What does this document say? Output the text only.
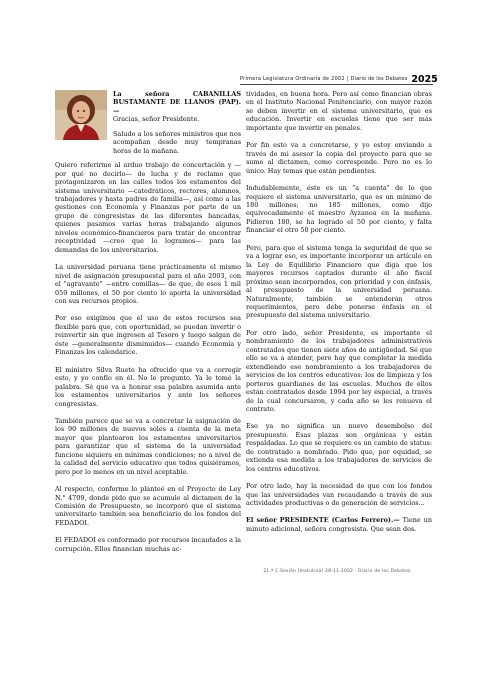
Primera Legislatura Ordinaria de 2002 | Diario de los Debates 2025

La señora CABANILLAS BUSTAMANTE DE LLANOS (PAP).—
Gracias, señor Presidente.

Saludo a los señores ministros que nos acompañan desde muy tempranas horas de la mañana.

Quiero referirme al arduo trabajo de concertación y —por qué no decirlo— de lucha y de reclamo que protagonizaron en las calles todos los estamentos del sistema universitario —catedráticos, rectores, alumnos, trabajadores y hasta padres de familia—, así como a las gestiones con Economía y Finanzas por parte de un grupo de congresistas de las diferentes bancadas, quienes pasamos varias horas trabajando algunos niveles económico-financieros para tratar de encontrar receptividad —creo que lo logramos— para las demandas de los universitarios.

La universidad peruana tiene prácticamente el mismo nivel de asignación presupuestal para el año 2003, con el "agravante" —entre comillas— de que, de esos 1 mil 059 millones, el 50 por ciento lo aporta la universidad con sus recursos propios.

Por eso exigimos que el uso de estos recursos sea flexible para que, con oportunidad, se puedan invertir o reinvertir sin que ingresen al Tesoro y luego salgan de éste —generalmente disminuidos— cuando Economía y Finanzas los calendarice.

El ministro Silva Ruete ha ofrecido que va a corregir esto, y yo confío en él. No le pregunto. Ya le tomé la palabra. Sé que va a honrar esa palabra asumida ante los estamentos universitarios y ante los señores congresistas.

También parece que se va a concretar la asignación de los 90 millones de nuevos soles a cuenta de la meta mayor que plantearon los estamentos universitarios para garantizar que el sistema de la universidad funcione siquiera en mínimas condiciones; no a nivel de la calidad del servicio educativo que todos quisiéramos, pero por lo menos en un nivel aceptable.

Al respecto, conforme lo planteé en el Proyecto de Ley N.° 4709, donde pido que se acumule al dictamen de la Comisión de Presupuesto, se incorporó que el sistema universitario también sea beneficiario de los fondos del FEDADOI.

El FEDADOI es conformado por recursos incautados a la corrupción. Ellos financian muchas ac-

tividades, en buena hora. Pero así como financian obras en el Instituto Nacional Penitenciario, con mayor razón se deben invertir en el sistema universitario, que es educación. Invertir en escuelas tiene que ser más importante que invertir en penales.

Por fin esto va a concretarse, y yo estoy enviando a través de mi asesor la copia del proyecto para que se sume al dictamen, como corresponde. Pero no es lo único. Hay temas que están pendientes.

Indudablemente, éste es un "a cuenta" de lo que requiere el sistema universitario, que es un mínimo de 180 millones; no 185 millones, como dijo equivocadamente el maestro Ayzanoa en la mañana. Pidieron 180, se ha logrado el 50 por ciento, y falta financiar el otro 50 por ciento.

Pero, para que el sistema tenga la seguridad de que se va a lograr eso, es importante incorporar un artículo en la Ley de Equilibrio Financiero que diga que los mayores recursos captados durante el año fiscal próximo sean incorporados, con prioridad y con énfasis, al presupuesto de la universidad peruana. Naturalmente, también se entenderán otros requerimientos, pero debe ponerse énfasis en el presupuesto del sistema universitario.

Por otro lado, señor Presidente, es importante el nombramiento de los trabajadores administrativos contratados que tienen siete años de antigüedad. Sé que ello se va a atender, pero hay que completar la medida extendiendo ese nombramiento a los trabajadores de servicios de los centros educativos: los de limpieza y los porteros guardianes de las escuelas. Muchos de ellos están contratados desde 1994 por ley especial, a través de la cual concursaron, y cada año se les renueva el contrato.

Eso ya no significa un nuevo desembolso del presupuesto. Esas plazas son orgánicas y están respaldadas. Lo que se requiere es un cambio de status: de contratado a nombrado. Pido que, por equidad, se extienda esa medida a los trabajadores de servicios de los centros educativos.

Por otro lado, hay la necesidad de que con los fondos que las universidades van recaudando a través de sus actividades productivas o de generación de servicios...

El señor PRESIDENTE (Carlos Ferrero).— Tiene un minuto adicional, señora congresista. Que sean dos.

21.ª C Sesión (matutina) 28-11-2002 · Diario de los Debates
